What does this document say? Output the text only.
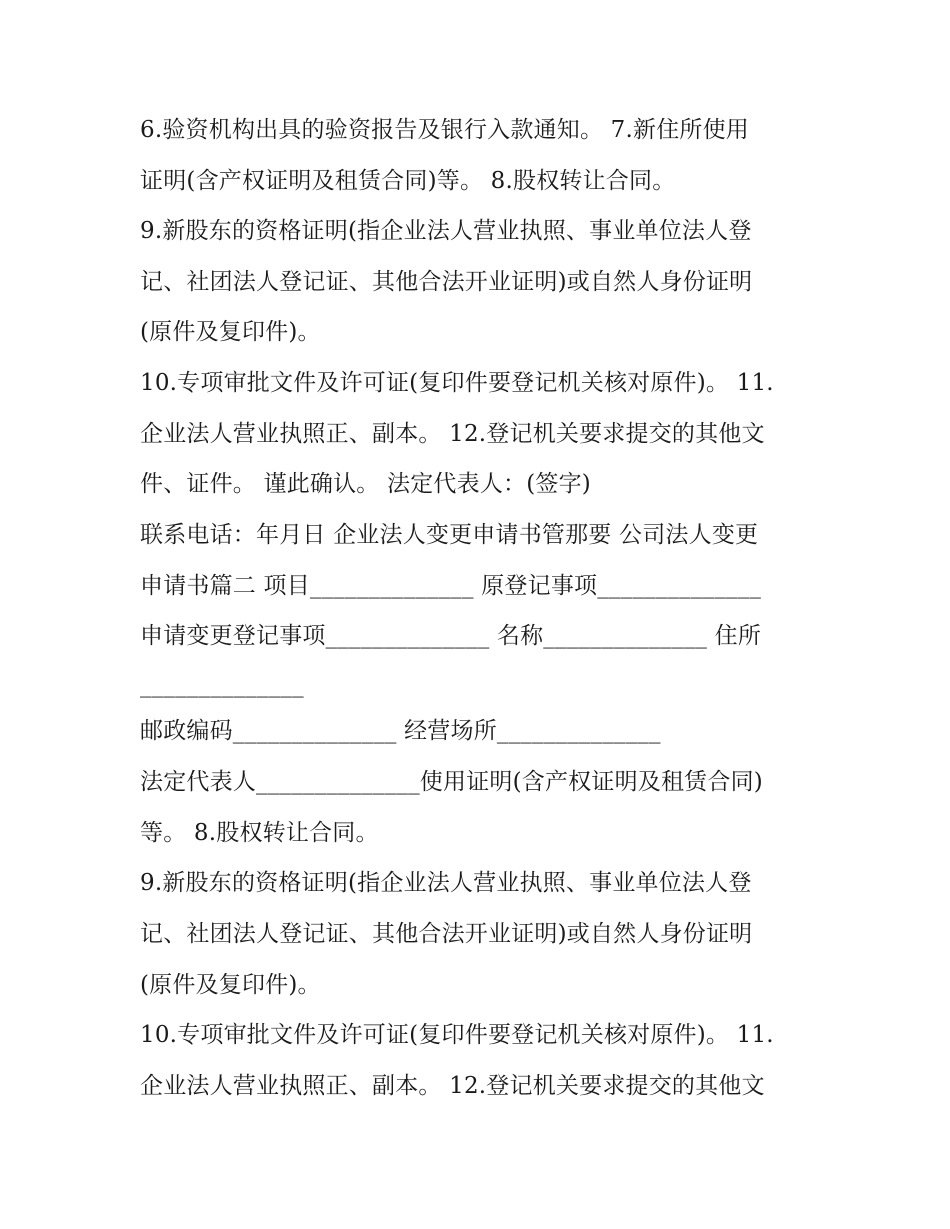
6.验资机构出具的验资报告及银行入款通知。 7.新住所使用
证明(含产权证明及租赁合同)等。 8.股权转让合同。
9.新股东的资格证明(指企业法人营业执照、事业单位法人登
记、社团法人登记证、其他合法开业证明)或自然人身份证明
(原件及复印件)。
10.专项审批文件及许可证(复印件要登记机关核对原件)。 11.
企业法人营业执照正、副本。 12.登记机关要求提交的其他文
件、证件。 谨此确认。 法定代表人：(签字)
联系电话：年月日 企业法人变更申请书管那要 公司法人变更
申请书篇二 项目______________ 原登记事项______________
申请变更登记事项______________ 名称______________ 住所
______________
邮政编码______________ 经营场所______________
法定代表人______________使用证明(含产权证明及租赁合同)
等。 8.股权转让合同。
9.新股东的资格证明(指企业法人营业执照、事业单位法人登
记、社团法人登记证、其他合法开业证明)或自然人身份证明
(原件及复印件)。
10.专项审批文件及许可证(复印件要登记机关核对原件)。 11.
企业法人营业执照正、副本。 12.登记机关要求提交的其他文
